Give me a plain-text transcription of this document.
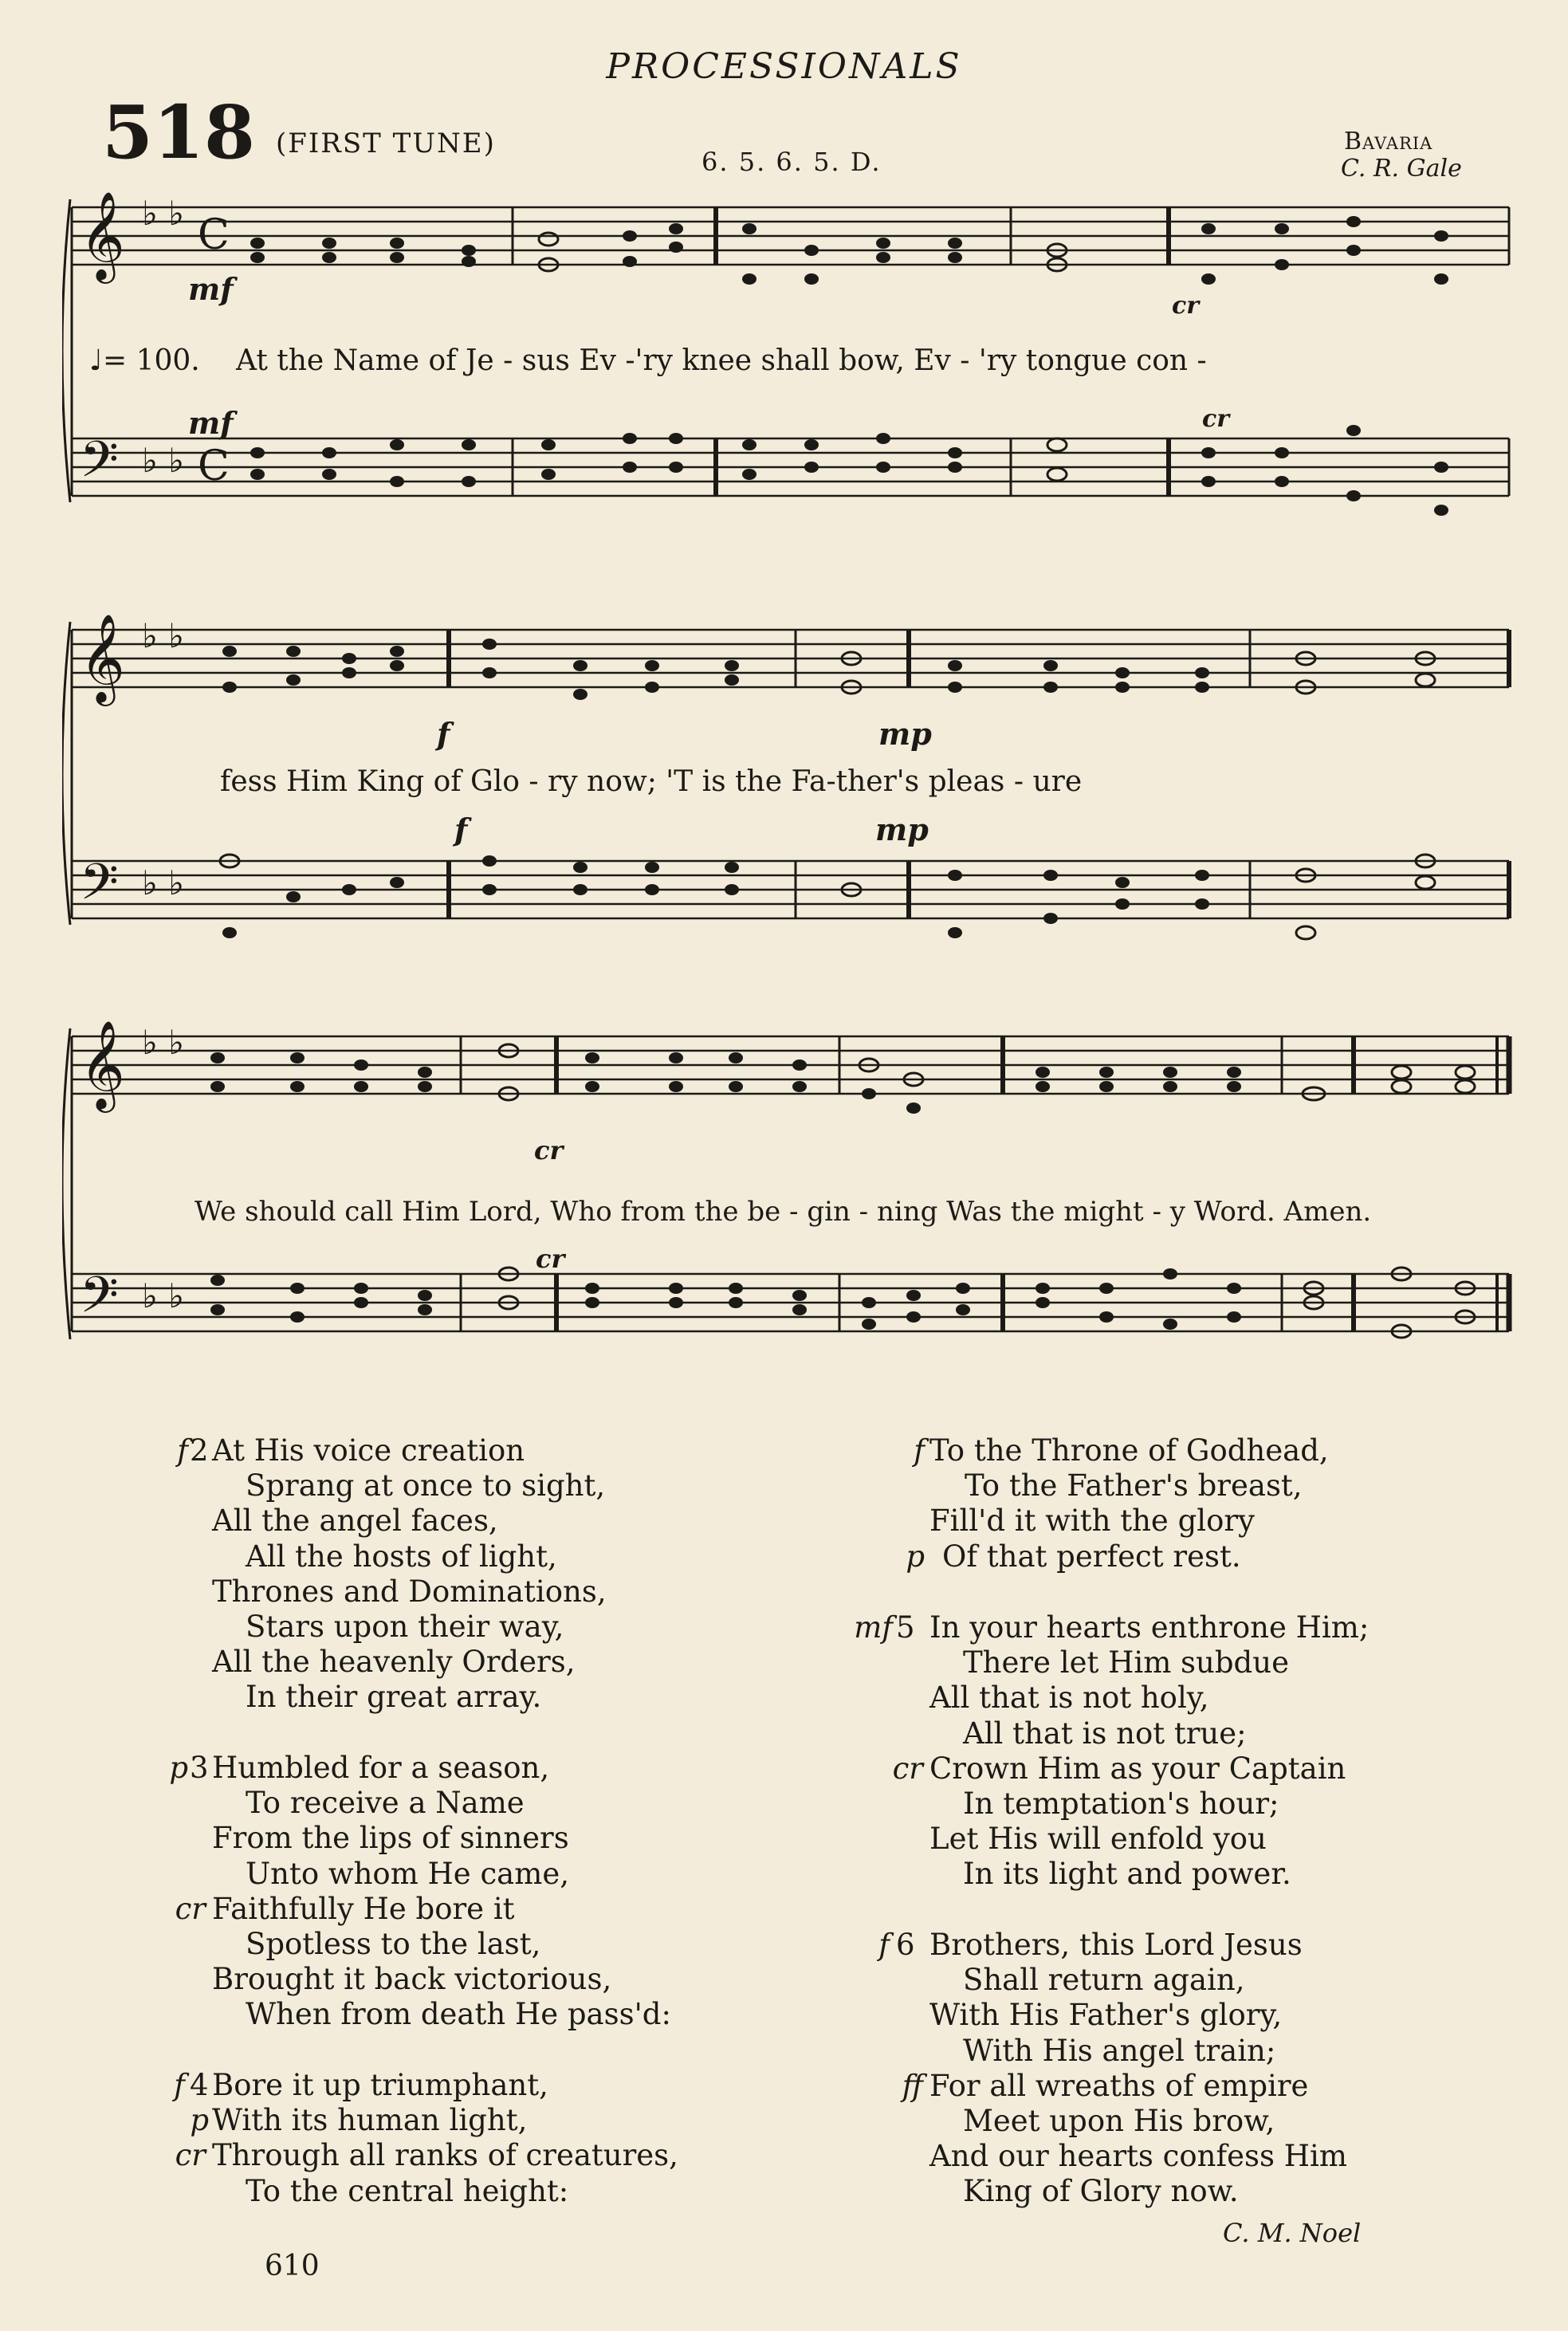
PROCESSIONALS
518 (FIRST TUNE)
6. 5. 6. 5. D.
Bavaria
C. R. Gale
𝄞
𝄢
♭ ♭
♭ ♭
C
C
mf	cr
mf	cr
♩= 100. At the Name of Je - sus Ev -'ry knee shall bow, Ev - 'ry tongue con -
𝄞
𝄢
♭ ♭
♭ ♭
f	mp
f	mp
fess Him King of Glo - ry now; 'T is the Fa-ther's pleas - ure
𝄞
𝄢
♭ ♭
♭ ♭
cr
cr
We should call Him Lord, Who from the be - gin - ning Was the might - y Word. Amen.
f 2 At His voice creation
Sprang at once to sight,
All the angel faces,
All the hosts of light,
Thrones and Dominations,
Stars upon their way,
All the heavenly Orders,
In their great array.
p 3 Humbled for a season,
To receive a Name
From the lips of sinners
Unto whom He came,
cr Faithfully He bore it
Spotless to the last,
Brought it back victorious,
When from death He pass'd:
f 4 Bore it up triumphant,
p With its human light,
cr Through all ranks of creatures,
To the central height:
f To the Throne of Godhead,
To the Father's breast,
Fill'd it with the glory
p Of that perfect rest.
mf 5 In your hearts enthrone Him;
There let Him subdue
All that is not holy,
All that is not true;
cr Crown Him as your Captain
In temptation's hour;
Let His will enfold you
In its light and power.
f 6 Brothers, this Lord Jesus
Shall return again,
With His Father's glory,
With His angel train;
ff For all wreaths of empire
Meet upon His brow,
And our hearts confess Him
King of Glory now.
C. M. Noel
610
